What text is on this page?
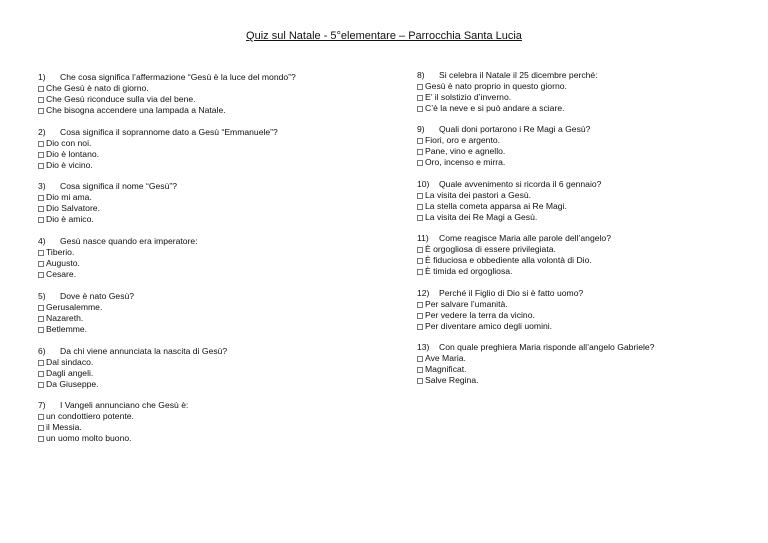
Quiz sul Natale - 5°elementare – Parrocchia Santa Lucia
1) Che cosa significa l’affermazione “Gesù è la luce del mondo”?
Che Gesù è nato di giorno.
Che Gesù riconduce sulla via del bene.
Che bisogna accendere una lampada a Natale.
2) Cosa significa il soprannome dato a Gesù “Emmanuele”?
Dio con noi.
Dio è lontano.
Dio è vicino.
3) Cosa significa il nome “Gesù”?
Dio mi ama.
Dio Salvatore.
Dio è amico.
4) Gesù nasce quando era imperatore:
Tiberio.
Augusto.
Cesare.
5) Dove è nato Gesù?
Gerusalemme.
Nazareth.
Betlemme.
6) Da chi viene annunciata la nascita di Gesù?
Dal sindaco.
Dagli angeli.
Da Giuseppe.
7) I Vangeli annunciano che Gesù è:
un condottiero potente.
il Messia.
un uomo molto buono.
8) Si celebra il Natale il 25 dicembre perché:
Gesù è nato proprio in questo giorno.
E’ il solstizio d’inverno.
C’è la neve e si può andare a sciare.
9) Quali doni portarono i Re Magi a Gesù?
Fiori, oro e argento.
Pane, vino e agnello.
Oro, incenso e mirra.
10) Quale avvenimento si ricorda il 6 gennaio?
La visita dei pastori a Gesù.
La stella cometa apparsa ai Re Magi.
La visita dei Re Magi a Gesù.
11) Come reagisce Maria alle parole dell’angelo?
È orgogliosa di essere privilegiata.
È fiduciosa e obbediente alla volontà di Dio.
È timida ed orgogliosa.
12) Perché il Figlio di Dio si è fatto uomo?
Per salvare l’umanità.
Per vedere la terra da vicino.
Per diventare amico degli uomini.
13) Con quale preghiera Maria risponde all’angelo Gabriele?
Ave Maria.
Magnificat.
Salve Regina.
